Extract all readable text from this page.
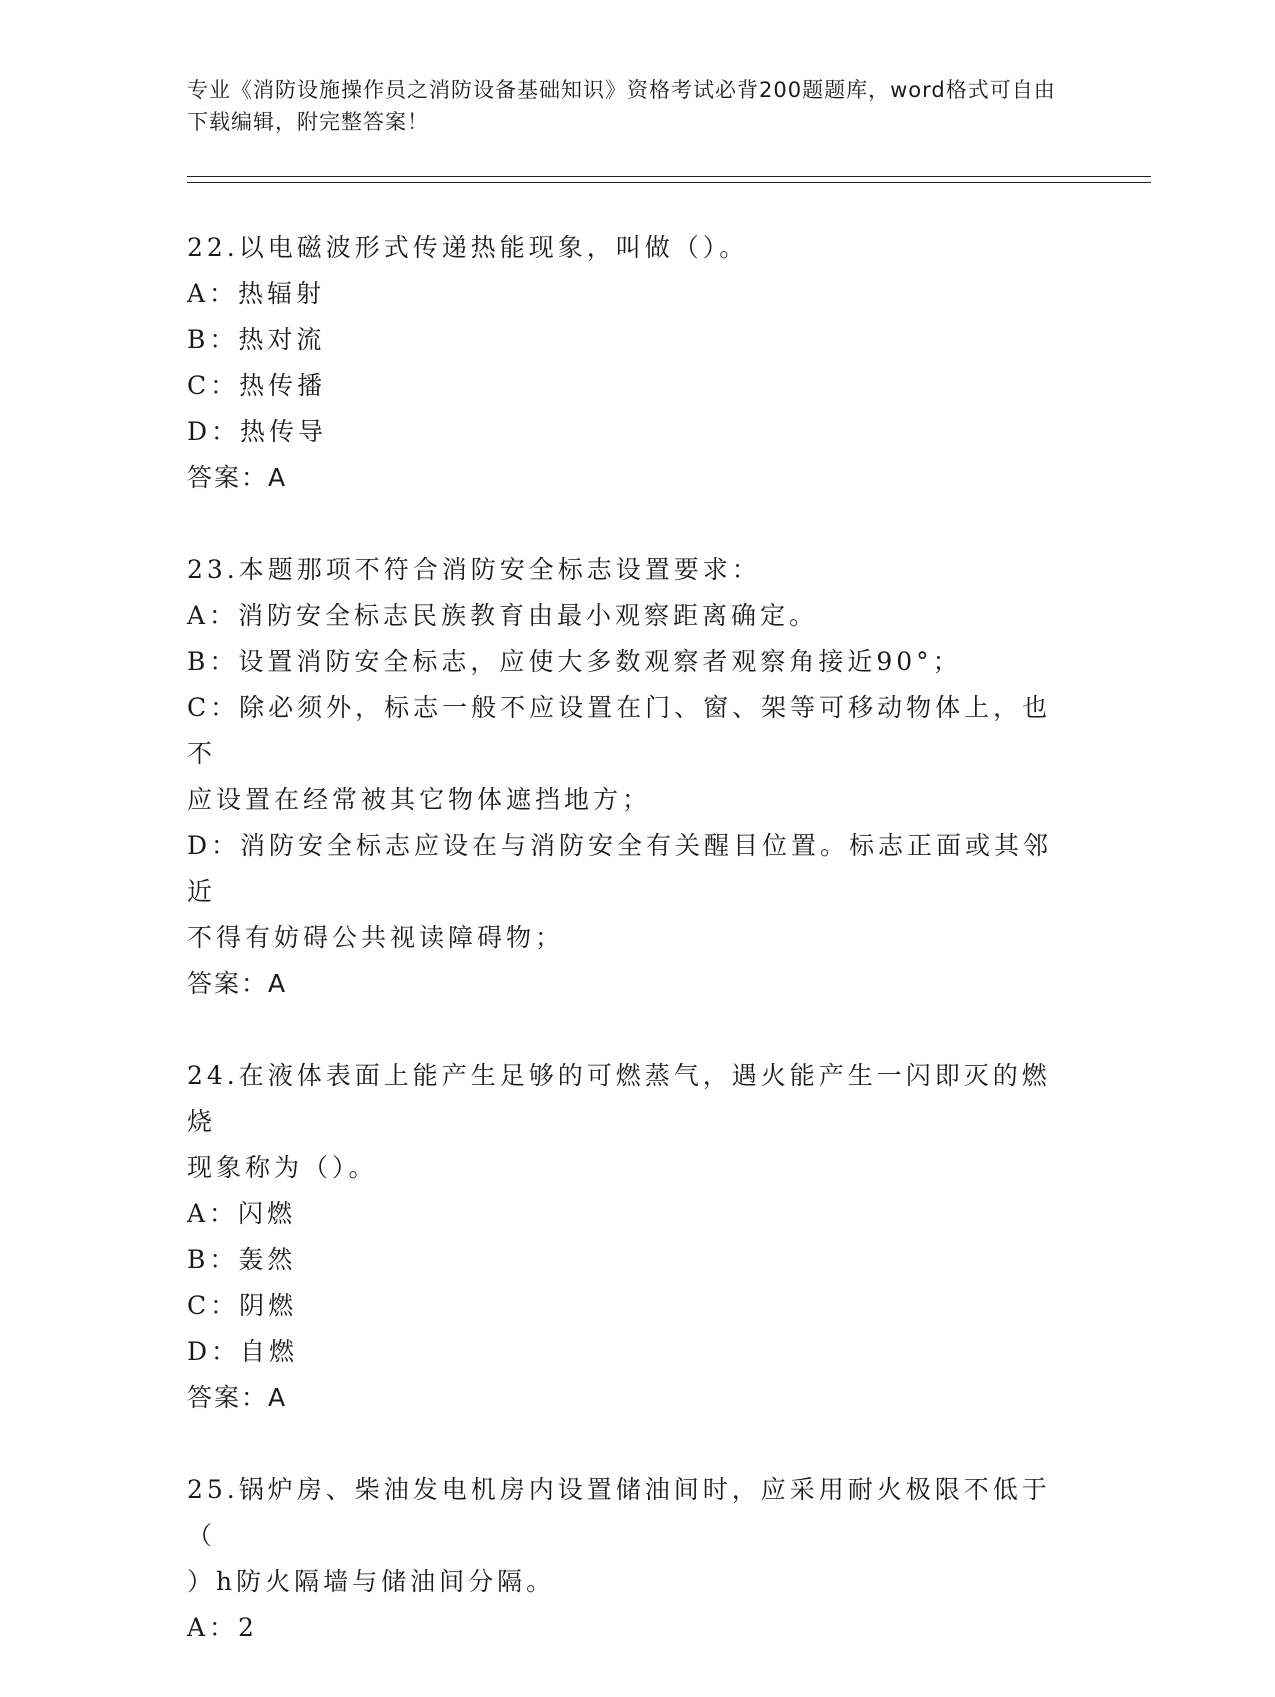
专业《消防设施操作员之消防设备基础知识》资格考试必背200题题库，word格式可自由下载编辑，附完整答案！
22.以电磁波形式传递热能现象，叫做（）。
A：热辐射
B：热对流
C：热传播
D：热传导
答案：A
23.本题那项不符合消防安全标志设置要求：
A：消防安全标志民族教育由最小观察距离确定。
B：设置消防安全标志，应使大多数观察者观察角接近90°；
C：除必须外，标志一般不应设置在门、窗、架等可移动物体上，也不
应设置在经常被其它物体遮挡地方；
D：消防安全标志应设在与消防安全有关醒目位置。标志正面或其邻近
不得有妨碍公共视读障碍物；
答案：A
24.在液体表面上能产生足够的可燃蒸气，遇火能产生一闪即灭的燃烧
现象称为（）。
A：闪燃
B：轰然
C：阴燃
D：自燃
答案：A
25.锅炉房、柴油发电机房内设置储油间时，应采用耐火极限不低于（
）h防火隔墙与储油间分隔。
A：2
